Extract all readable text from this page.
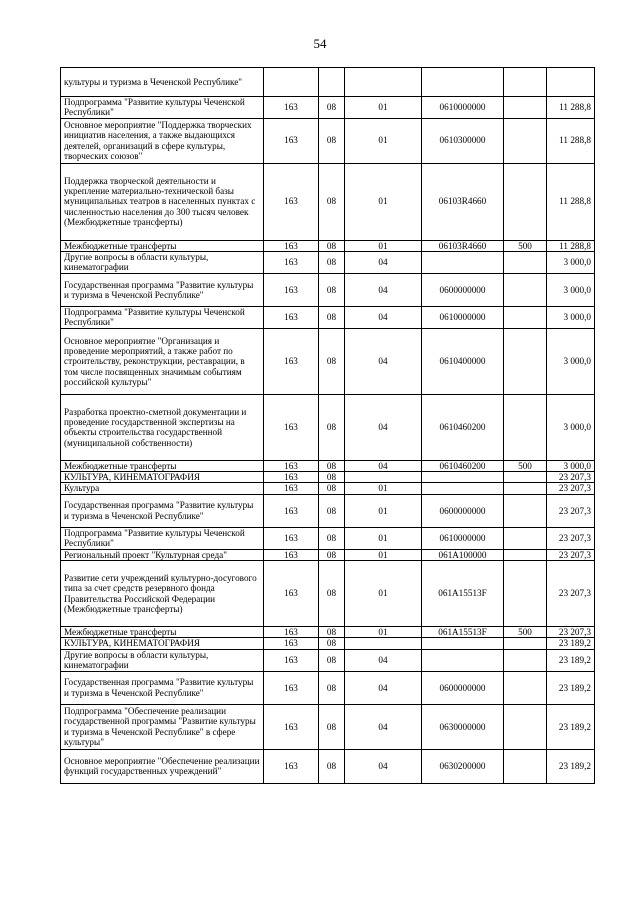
54
культуры и туризма в Чеченской Республике"						
Подпрограмма "Развитие культуры Чеченской Республики"	163	08	01	0610000000		11 288,8
Основное мероприятие "Поддержка творческих инициатив населения, а также выдающихся деятелей, организаций в сфере культуры, творческих союзов"	163	08	01	0610300000		11 288,8
Поддержка творческой деятельности и укрепление материально-технической базы муниципальных театров в населенных пунктах с численностью населения до 300 тысяч человек (Межбюджетные трансферты)	163	08	01	06103R4660		11 288,8
Межбюджетные трансферты	163	08	01	06103R4660	500	11 288,8
Другие вопросы в области культуры, кинематографии	163	08	04			3 000,0
Государственная программа "Развитие культуры и туризма в Чеченской Республике"	163	08	04	0600000000		3 000,0
Подпрограмма "Развитие культуры Чеченской Республики"	163	08	04	0610000000		3 000,0
Основное мероприятие "Организация и проведение мероприятий, а также работ по строительству, реконструкции, реставрации, в том числе посвященных значимым событиям российской культуры"	163	08	04	0610400000		3 000,0
Разработка проектно-сметной документации и проведение государственной экспертизы на объекты строительства государственной (муниципальной собственности)	163	08	04	0610460200		3 000,0
Межбюджетные трансферты	163	08	04	0610460200	500	3 000,0
КУЛЬТУРА, КИНЕМАТОГРАФИЯ	163	08				23 207,3
Культура	163	08	01			23 207,3
Государственная программа "Развитие культуры и туризма в Чеченской Республике"	163	08	01	0600000000		23 207,3
Подпрограмма "Развитие культуры Чеченской Республики"	163	08	01	0610000000		23 207,3
Региональный проект "Культурная среда"	163	08	01	061A100000		23 207,3
Развитие сети учреждений культурно-досугового типа за счет средств резервного фонда Правительства Российской Федерации (Межбюджетные трансферты)	163	08	01	061A15513F		23 207,3
Межбюджетные трансферты	163	08	01	061A15513F	500	23 207,3
КУЛЬТУРА, КИНЕМАТОГРАФИЯ	163	08				23 189,2
Другие вопросы в области культуры, кинематографии	163	08	04			23 189,2
Государственная программа "Развитие культуры и туризма в Чеченской Республике"	163	08	04	0600000000		23 189,2
Подпрограмма "Обеспечение реализации государственной программы "Развитие культуры и туризма в Чеченской Республике" в сфере культуры"	163	08	04	0630000000		23 189,2
Основное мероприятие "Обеспечение реализации функций государственных учреждений"	163	08	04	0630200000		23 189,2
